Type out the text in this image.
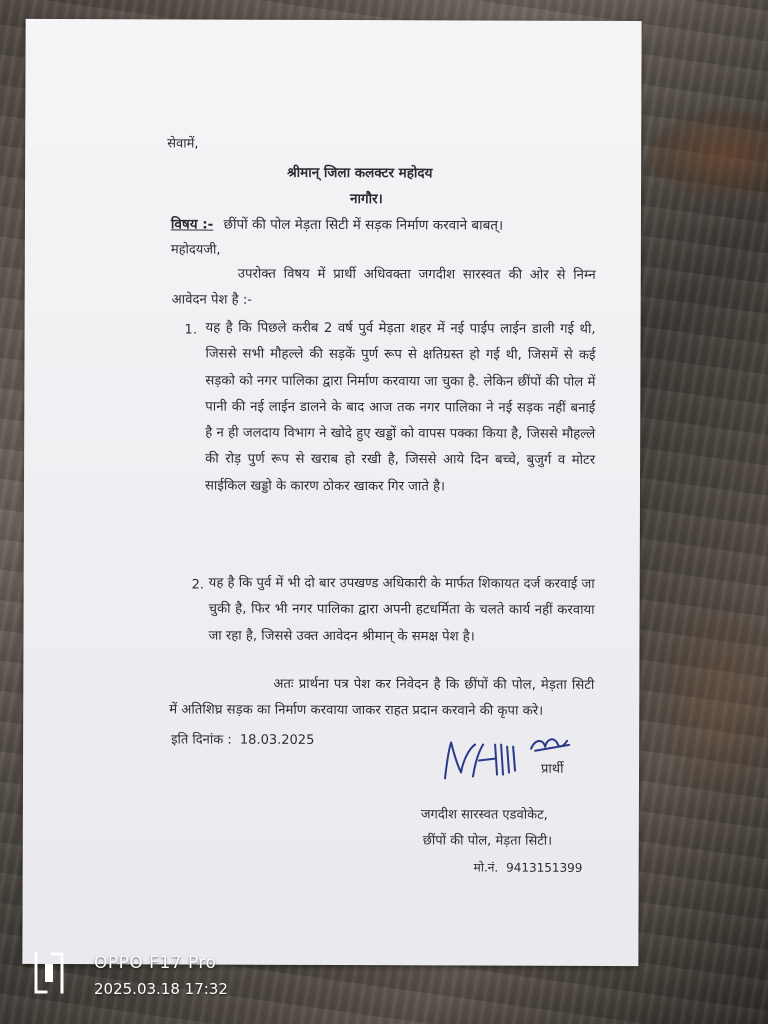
सेवामें,
श्रीमान् जिला कलक्टर महोदय
नागौर।
विषय :- छींपों की पोल मेड़ता सिटी में सड़क निर्माण करवाने बाबत्।
महोदयजी,
उपरोक्त विषय में प्रार्थी अधिवक्ता जगदीश सारस्वत की ओर से निम्न आवेदन पेश है :-
1. यह है कि पिछले करीब 2 वर्ष पुर्व मेड़ता शहर में नई पाईप लाईन डाली गई थी, जिससे सभी मौहल्ले की सड़कें पुर्ण रूप से क्षतिग्रस्त हो गई थी, जिसमें से कई सड़को को नगर पालिका द्वारा निर्माण करवाया जा चुका है. लेकिन छींपों की पोल में पानी की नई लाईन डालने के बाद आज तक नगर पालिका ने नई सड़क नहीं बनाई है न ही जलदाय विभाग ने खोदे हुए खड्डों को वापस पक्का किया है, जिससे मौहल्ले की रोड़ पुर्ण रूप से खराब हो रखी है, जिससे आये दिन बच्चे, बुजुर्ग व मोटर साईकिल खड्डो के कारण ठोकर खाकर गिर जाते है।
2. यह है कि पुर्व में भी दो बार उपखण्ड अधिकारी के मार्फत शिकायत दर्ज करवाई जा चुकी है, फिर भी नगर पालिका द्वारा अपनी हटधर्मिता के चलते कार्य नहीं करवाया जा रहा है, जिससे उक्त आवेदन श्रीमान् के समक्ष पेश है।
अतः प्रार्थना पत्र पेश कर निवेदन है कि छींपों की पोल, मेड़ता सिटी में अतिशिघ्र सड़क का निर्माण करवाया जाकर राहत प्रदान करवाने की कृपा करे।
इति दिनांक : 18.03.2025
प्रार्थी
जगदीश सारस्वत एडवोकेट,
छींपों की पोल, मेड़ता सिटी।
मो.नं. 9413151399
OPPO F17 Pro
2025.03.18 17:32
